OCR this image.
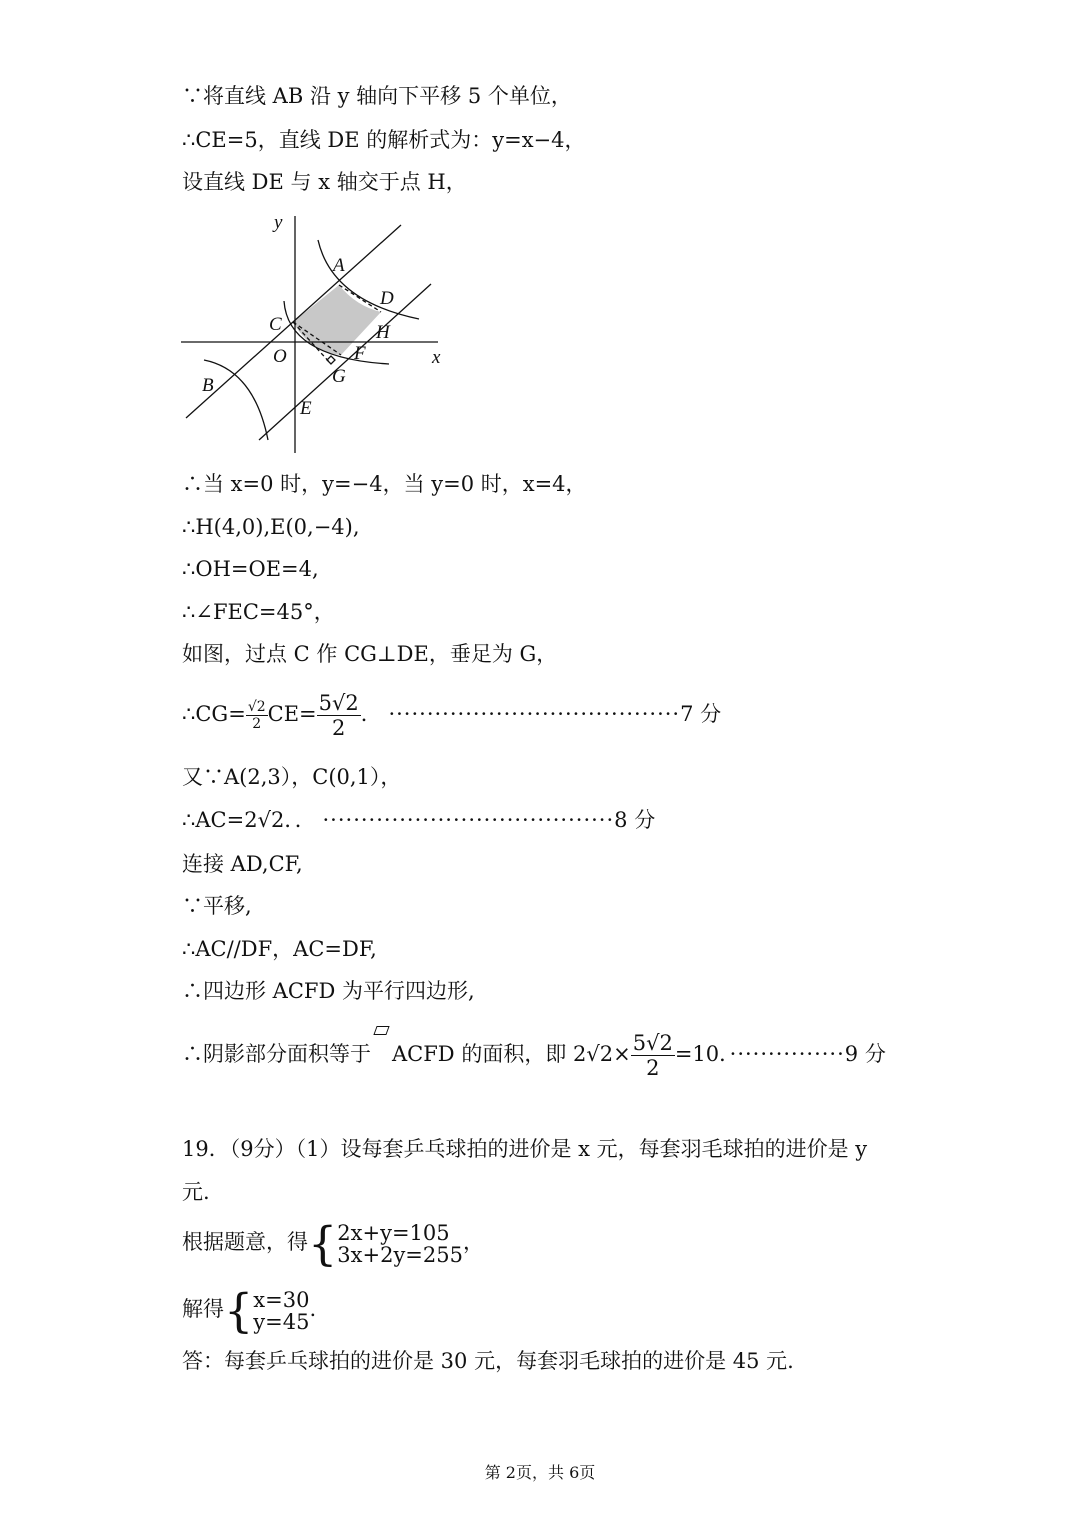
∵将直线 AB 沿 y 轴向下平移 5 个单位，
∴CE=5，直线 DE 的解析式为：y=x−4，
设直线 DE 与 x 轴交于点 H，
y
x
A
D
C	H
O	F
G
B
E
∴当 x=0 时，y=−4，当 y=0 时，x=4，
∴H(4,0),E(0,−4),
∴OH=OE=4,
∴∠FEC=45°，
如图，过点 C 作 CG⊥DE，垂足为 G，
∴CG= $\frac{√2}{2} CE= \frac{5√2}{2}$ ． ······································7 分
又∵A(2,3），C(0,1），
∴AC=2√2．． ······································8 分
连接 AD,CF,
∵平移,
∴AC//DF，AC=DF,
∴四边形 ACFD 为平行四边形,
∴阴影部分面积等于 ACFD 的面积，即 $2√2\times \frac{5√2}{2} =10$．···············9 分
19．（9分）（1）设每套乒乓球拍的进价是 x 元，每套羽毛球拍的进价是 y
元.
根据题意，得{ 2x+y=105
3x+2y=255
，
解得{ x=30
y=45
.
答：每套乒乓球拍的进价是 30 元，每套羽毛球拍的进价是 45 元.
第 2页，共 6页
